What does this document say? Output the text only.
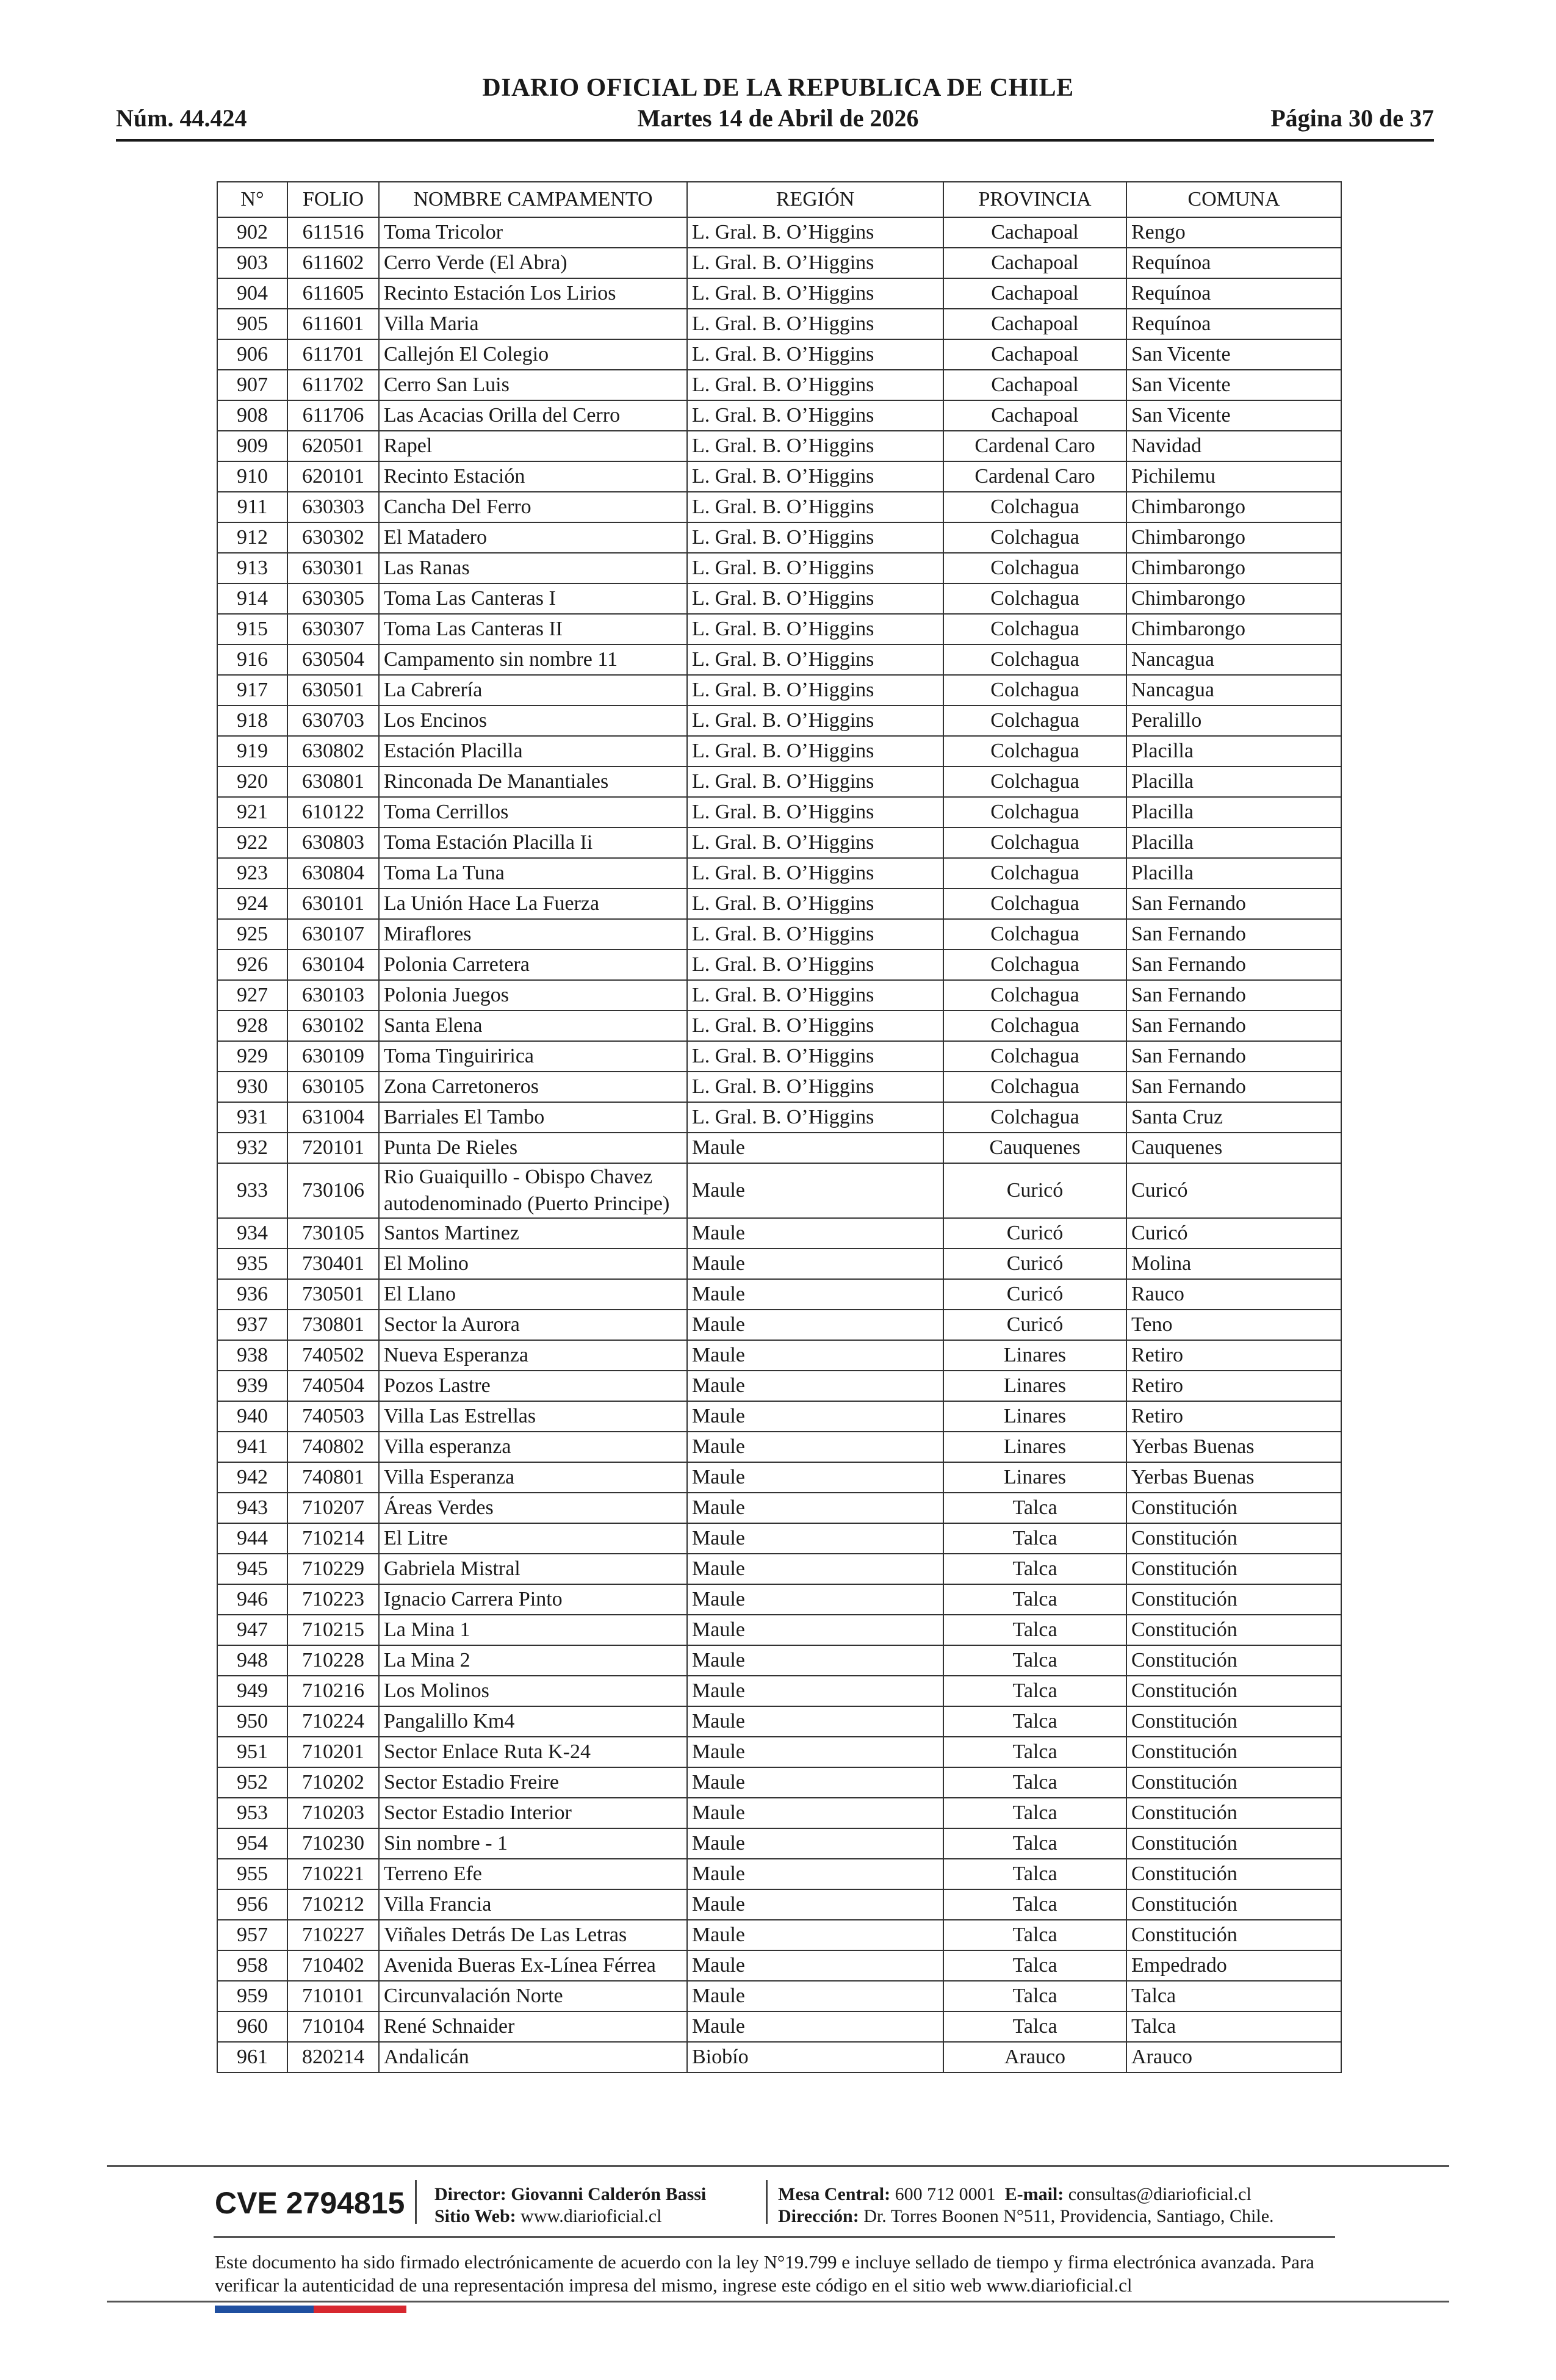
DIARIO OFICIAL DE LA REPUBLICA DE CHILE
Núm. 44.424	Martes 14 de Abril de 2026	Página 30 de 37
N°	FOLIO	NOMBRE CAMPAMENTO	REGIÓN	PROVINCIA	COMUNA
902	611516	Toma Tricolor	L. Gral. B. O’Higgins	Cachapoal	Rengo
903	611602	Cerro Verde (El Abra)	L. Gral. B. O’Higgins	Cachapoal	Requínoa
904	611605	Recinto Estación Los Lirios	L. Gral. B. O’Higgins	Cachapoal	Requínoa
905	611601	Villa Maria	L. Gral. B. O’Higgins	Cachapoal	Requínoa
906	611701	Callejón El Colegio	L. Gral. B. O’Higgins	Cachapoal	San Vicente
907	611702	Cerro San Luis	L. Gral. B. O’Higgins	Cachapoal	San Vicente
908	611706	Las Acacias Orilla del Cerro	L. Gral. B. O’Higgins	Cachapoal	San Vicente
909	620501	Rapel	L. Gral. B. O’Higgins	Cardenal Caro	Navidad
910	620101	Recinto Estación	L. Gral. B. O’Higgins	Cardenal Caro	Pichilemu
911	630303	Cancha Del Ferro	L. Gral. B. O’Higgins	Colchagua	Chimbarongo
912	630302	El Matadero	L. Gral. B. O’Higgins	Colchagua	Chimbarongo
913	630301	Las Ranas	L. Gral. B. O’Higgins	Colchagua	Chimbarongo
914	630305	Toma Las Canteras I	L. Gral. B. O’Higgins	Colchagua	Chimbarongo
915	630307	Toma Las Canteras II	L. Gral. B. O’Higgins	Colchagua	Chimbarongo
916	630504	Campamento sin nombre 11	L. Gral. B. O’Higgins	Colchagua	Nancagua
917	630501	La Cabrería	L. Gral. B. O’Higgins	Colchagua	Nancagua
918	630703	Los Encinos	L. Gral. B. O’Higgins	Colchagua	Peralillo
919	630802	Estación Placilla	L. Gral. B. O’Higgins	Colchagua	Placilla
920	630801	Rinconada De Manantiales	L. Gral. B. O’Higgins	Colchagua	Placilla
921	610122	Toma Cerrillos	L. Gral. B. O’Higgins	Colchagua	Placilla
922	630803	Toma Estación Placilla Ii	L. Gral. B. O’Higgins	Colchagua	Placilla
923	630804	Toma La Tuna	L. Gral. B. O’Higgins	Colchagua	Placilla
924	630101	La Unión Hace La Fuerza	L. Gral. B. O’Higgins	Colchagua	San Fernando
925	630107	Miraflores	L. Gral. B. O’Higgins	Colchagua	San Fernando
926	630104	Polonia Carretera	L. Gral. B. O’Higgins	Colchagua	San Fernando
927	630103	Polonia Juegos	L. Gral. B. O’Higgins	Colchagua	San Fernando
928	630102	Santa Elena	L. Gral. B. O’Higgins	Colchagua	San Fernando
929	630109	Toma Tinguiririca	L. Gral. B. O’Higgins	Colchagua	San Fernando
930	630105	Zona Carretoneros	L. Gral. B. O’Higgins	Colchagua	San Fernando
931	631004	Barriales El Tambo	L. Gral. B. O’Higgins	Colchagua	Santa Cruz
932	720101	Punta De Rieles	Maule	Cauquenes	Cauquenes
933	730106	Rio Guaiquillo - Obispo Chavez autodenominado (Puerto Principe)	Maule	Curicó	Curicó
934	730105	Santos Martinez	Maule	Curicó	Curicó
935	730401	El Molino	Maule	Curicó	Molina
936	730501	El Llano	Maule	Curicó	Rauco
937	730801	Sector la Aurora	Maule	Curicó	Teno
938	740502	Nueva Esperanza	Maule	Linares	Retiro
939	740504	Pozos Lastre	Maule	Linares	Retiro
940	740503	Villa Las Estrellas	Maule	Linares	Retiro
941	740802	Villa esperanza	Maule	Linares	Yerbas Buenas
942	740801	Villa Esperanza	Maule	Linares	Yerbas Buenas
943	710207	Áreas Verdes	Maule	Talca	Constitución
944	710214	El Litre	Maule	Talca	Constitución
945	710229	Gabriela Mistral	Maule	Talca	Constitución
946	710223	Ignacio Carrera Pinto	Maule	Talca	Constitución
947	710215	La Mina 1	Maule	Talca	Constitución
948	710228	La Mina 2	Maule	Talca	Constitución
949	710216	Los Molinos	Maule	Talca	Constitución
950	710224	Pangalillo Km4	Maule	Talca	Constitución
951	710201	Sector Enlace Ruta K-24	Maule	Talca	Constitución
952	710202	Sector Estadio Freire	Maule	Talca	Constitución
953	710203	Sector Estadio Interior	Maule	Talca	Constitución
954	710230	Sin nombre - 1	Maule	Talca	Constitución
955	710221	Terreno Efe	Maule	Talca	Constitución
956	710212	Villa Francia	Maule	Talca	Constitución
957	710227	Viñales Detrás De Las Letras	Maule	Talca	Constitución
958	710402	Avenida Bueras Ex-Línea Férrea	Maule	Talca	Empedrado
959	710101	Circunvalación Norte	Maule	Talca	Talca
960	710104	René Schnaider	Maule	Talca	Talca
961	820214	Andalicán	Biobío	Arauco	Arauco
CVE 2794815 Director: Giovanni Calderón Bassi
Sitio Web: www.diarioficial.cl
Mesa Central: 600 712 0001 E-mail: consultas@diarioficial.cl
Dirección: Dr. Torres Boonen N°511, Providencia, Santiago, Chile.
Este documento ha sido firmado electrónicamente de acuerdo con la ley N°19.799 e incluye sellado de tiempo y firma electrónica avanzada. Para verificar la autenticidad de una representación impresa del mismo, ingrese este código en el sitio web www.diarioficial.cl
